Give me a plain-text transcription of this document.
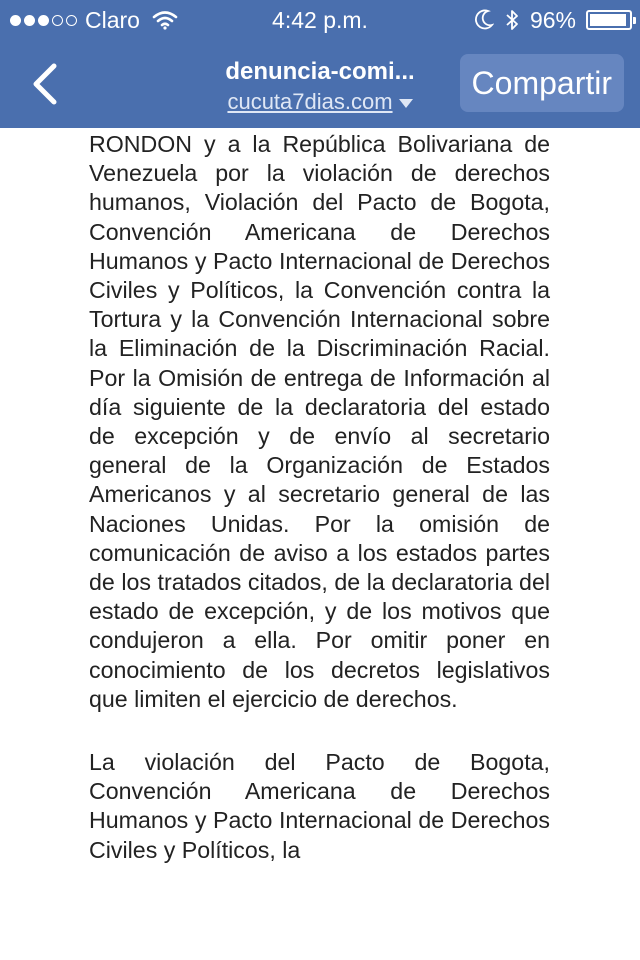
Claro	4:42 p.m.	96%
denuncia-comi...
cucuta7dias.com
Compartir

RONDON y a la República Bolivariana de Venezuela por la violación de derechos humanos, Violación del Pacto de Bogota, Convención Americana de Derechos Humanos y Pacto Internacional de Derechos Civiles y Políticos, la Convención contra la Tortura y la Convención Internacional sobre la Eliminación de la Discriminación Racial. Por la Omisión de entrega de Información al día siguiente de la declaratoria del estado de excepción y de envío al secretario general de la Organización de Estados Americanos y al secretario general de las Naciones Unidas. Por la omisión de comunicación de aviso a los estados partes de los tratados citados, de la declaratoria del estado de excepción, y de los motivos que condujeron a ella. Por omitir poner en conocimiento de los decretos legislativos que limiten el ejercicio de derechos.

La violación del Pacto de Bogota, Convención Americana de Derechos Humanos y Pacto Internacional de Derechos Civiles y Políticos, la
